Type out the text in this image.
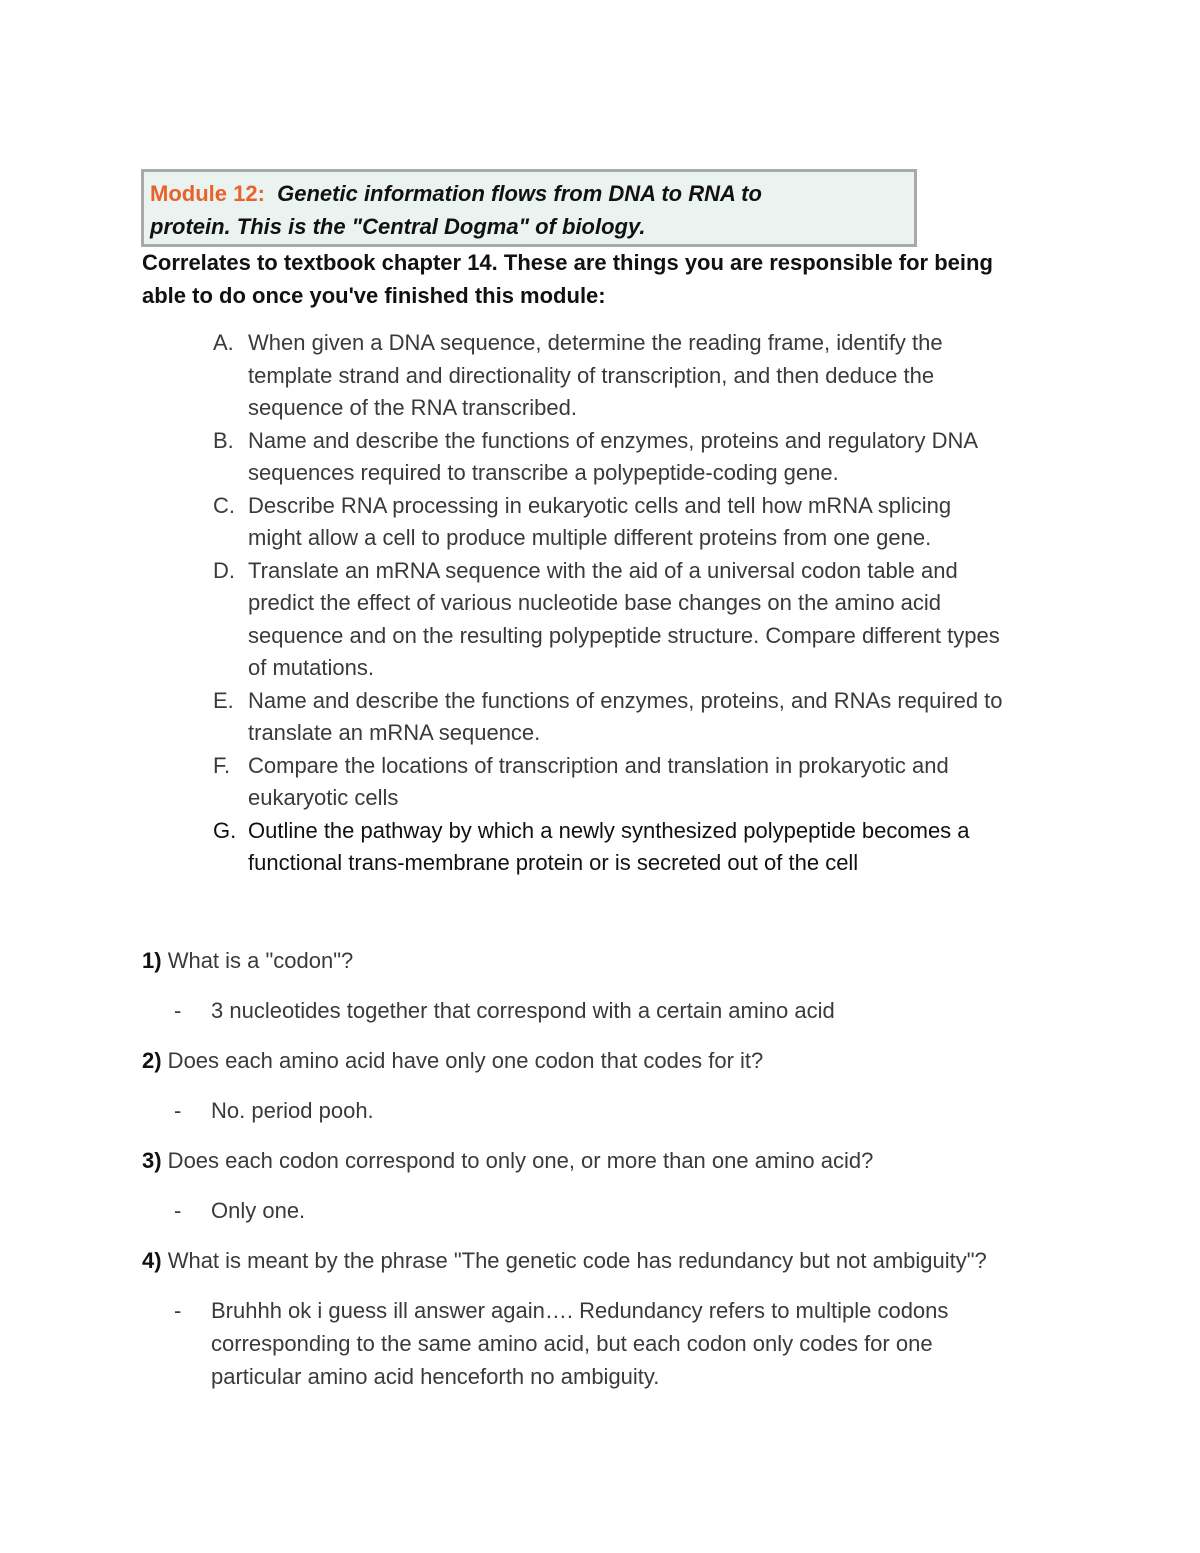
Module 12: Genetic information flows from DNA to RNA to
protein. This is the "Central Dogma" of biology.
Correlates to textbook chapter 14. These are things you are responsible for being
able to do once you've finished this module:
A. When given a DNA sequence, determine the reading frame, identify the
template strand and directionality of transcription, and then deduce the
sequence of the RNA transcribed.
B. Name and describe the functions of enzymes, proteins and regulatory DNA
sequences required to transcribe a polypeptide-coding gene.
C. Describe RNA processing in eukaryotic cells and tell how mRNA splicing
might allow a cell to produce multiple different proteins from one gene.
D. Translate an mRNA sequence with the aid of a universal codon table and
predict the effect of various nucleotide base changes on the amino acid
sequence and on the resulting polypeptide structure. Compare different types
of mutations.
E. Name and describe the functions of enzymes, proteins, and RNAs required to
translate an mRNA sequence.
F. Compare the locations of transcription and translation in prokaryotic and
eukaryotic cells
G. Outline the pathway by which a newly synthesized polypeptide becomes a
functional trans-membrane protein or is secreted out of the cell
1) What is a "codon"?
-	3 nucleotides together that correspond with a certain amino acid
2) Does each amino acid have only one codon that codes for it?
-	No. period pooh.
3) Does each codon correspond to only one, or more than one amino acid?
-	Only one.
4) What is meant by the phrase "The genetic code has redundancy but not ambiguity"?
-	Bruhhh ok i guess ill answer again…. Redundancy refers to multiple codons
corresponding to the same amino acid, but each codon only codes for one
particular amino acid henceforth no ambiguity.
